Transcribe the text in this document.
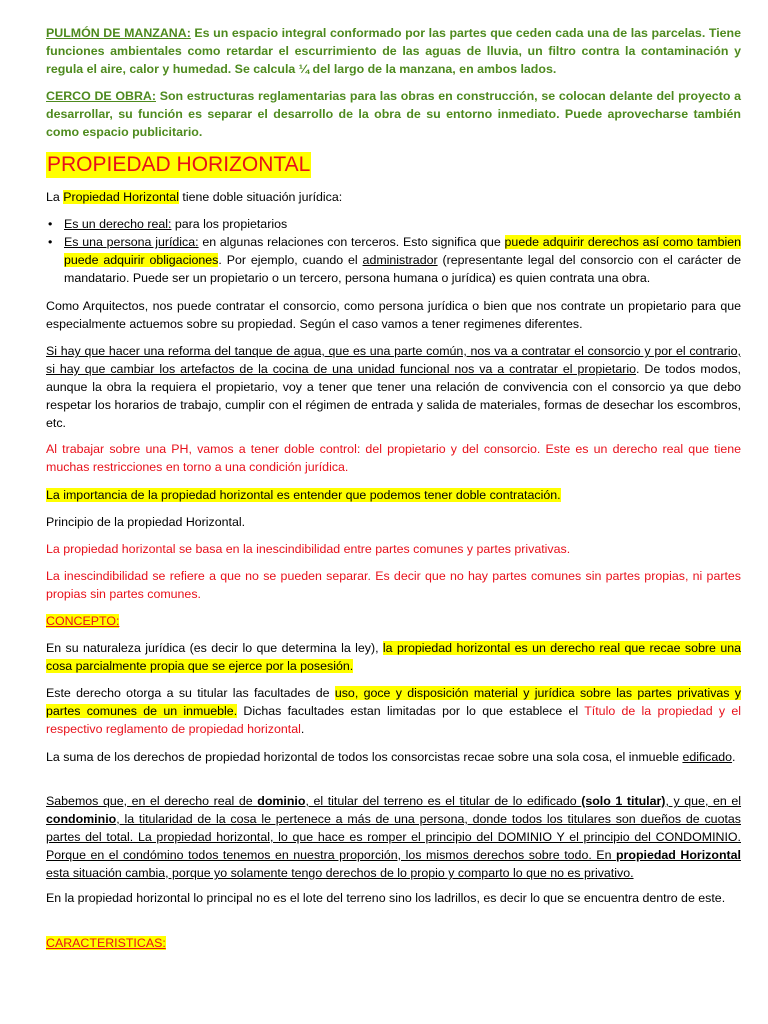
PULMÓN DE MANZANA: Es un espacio integral conformado por las partes que ceden cada una de las parcelas. Tiene funciones ambientales como retardar el escurrimiento de las aguas de lluvia, un filtro contra la contaminación y regula el aire, calor y humedad. Se calcula ¼ del largo de la manzana, en ambos lados.

CERCO DE OBRA: Son estructuras reglamentarias para las obras en construcción, se colocan delante del proyecto a desarrollar, su función es separar el desarrollo de la obra de su entorno inmediato. Puede aprovecharse también como espacio publicitario.

PROPIEDAD HORIZONTAL

La Propiedad Horizontal tiene doble situación jurídica:

• Es un derecho real: para los propietarios
• Es una persona jurídica: en algunas relaciones con terceros. Esto significa que puede adquirir derechos así como tambien puede adquirir obligaciones. Por ejemplo, cuando el administrador (representante legal del consorcio con el carácter de mandatario. Puede ser un propietario o un tercero, persona humana o jurídica) es quien contrata una obra.

Como Arquitectos, nos puede contratar el consorcio, como persona jurídica o bien que nos contrate un propietario para que especialmente actuemos sobre su propiedad. Según el caso vamos a tener regimenes diferentes.

Si hay que hacer una reforma del tanque de agua, que es una parte común, nos va a contratar el consorcio y por el contrario, si hay que cambiar los artefactos de la cocina de una unidad funcional nos va a contratar el propietario. De todos modos, aunque la obra la requiera el propietario, voy a tener que tener una relación de convivencia con el consorcio ya que debo respetar los horarios de trabajo, cumplir con el régimen de entrada y salida de materiales, formas de desechar los escombros, etc.

Al trabajar sobre una PH, vamos a tener doble control: del propietario y del consorcio. Este es un derecho real que tiene muchas restricciones en torno a una condición jurídica.

La importancia de la propiedad horizontal es entender que podemos tener doble contratación.

Principio de la propiedad Horizontal.

La propiedad horizontal se basa en la inescindibilidad entre partes comunes y partes privativas.

La inescindibilidad se refiere a que no se pueden separar. Es decir que no hay partes comunes sin partes propias, ni partes propias sin partes comunes.

CONCEPTO:

En su naturaleza jurídica (es decir lo que determina la ley), la propiedad horizontal es un derecho real que recae sobre una cosa parcialmente propia que se ejerce por la posesión.

Este derecho otorga a su titular las facultades de uso, goce y disposición material y jurídica sobre las partes privativas y partes comunes de un inmueble. Dichas facultades estan limitadas por lo que establece el Título de la propiedad y el respectivo reglamento de propiedad horizontal.

La suma de los derechos de propiedad horizontal de todos los consorcistas recae sobre una sola cosa, el inmueble edificado.

Sabemos que, en el derecho real de dominio, el titular del terreno es el titular de lo edificado (solo 1 titular), y que, en el condominio, la titularidad de la cosa le pertenece a más de una persona, donde todos los titulares son dueños de cuotas partes del total. La propiedad horizontal, lo que hace es romper el principio del DOMINIO Y el principio del CONDOMINIO. Porque en el condómino todos tenemos en nuestra proporción, los mismos derechos sobre todo. En propiedad Horizontal esta situación cambia, porque yo solamente tengo derechos de lo propio y comparto lo que no es privativo.

En la propiedad horizontal lo principal no es el lote del terreno sino los ladrillos, es decir lo que se encuentra dentro de este.

CARACTERISTICAS:
